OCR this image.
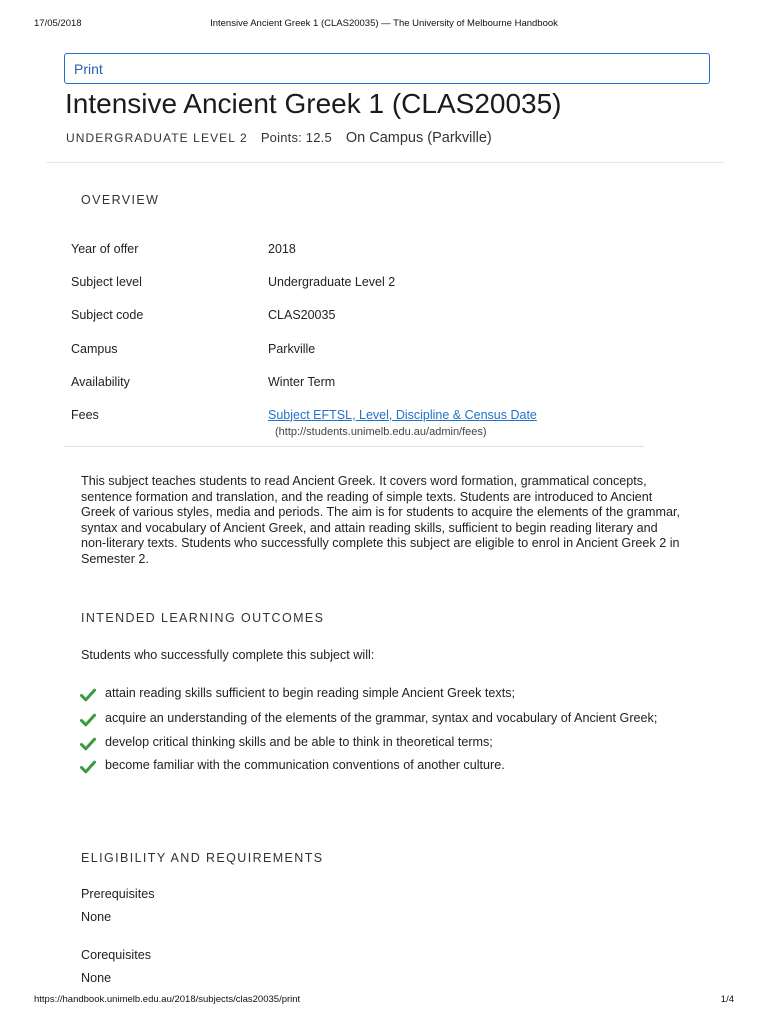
17/05/2018	Intensive Ancient Greek 1 (CLAS20035) — The University of Melbourne Handbook
Print
Intensive Ancient Greek 1 (CLAS20035)
UNDERGRADUATE LEVEL 2 Points: 12.5 On Campus (Parkville)
OVERVIEW
Year of offer	2018
Subject level	Undergraduate Level 2
Subject code	CLAS20035
Campus	Parkville
Availability	Winter Term
Fees	Subject EFTSL, Level, Discipline & Census Date
(http://students.unimelb.edu.au/admin/fees)

This subject teaches students to read Ancient Greek. It covers word formation, grammatical concepts, sentence formation and translation, and the reading of simple texts. Students are introduced to Ancient Greek of various styles, media and periods. The aim is for students to acquire the elements of the grammar, syntax and vocabulary of Ancient Greek, and attain reading skills, sufficient to begin reading literary and non-literary texts. Students who successfully complete this subject are eligible to enrol in Ancient Greek 2 in Semester 2.

INTENDED LEARNING OUTCOMES
Students who successfully complete this subject will:
attain reading skills sufficient to begin reading simple Ancient Greek texts;
acquire an understanding of the elements of the grammar, syntax and vocabulary of Ancient Greek;
develop critical thinking skills and be able to think in theoretical terms;
become familiar with the communication conventions of another culture.
ELIGIBILITY AND REQUIREMENTS
Prerequisites
None
Corequisites
None
https://handbook.unimelb.edu.au/2018/subjects/clas20035/print	1/4
